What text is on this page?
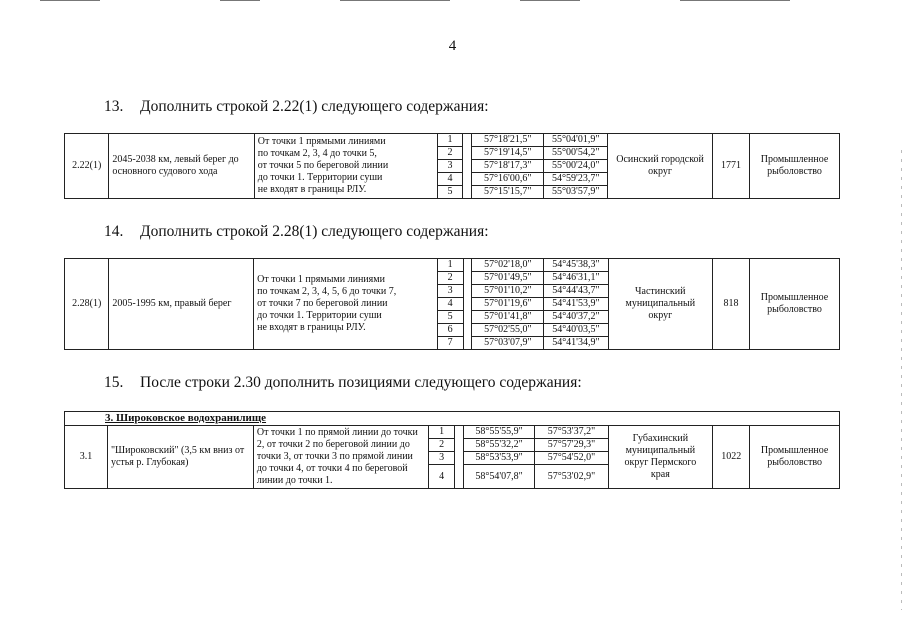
4
13. Дополнить строкой 2.22(1) следующего содержания:
2.22(1)	2045-2038 км, левый берег до основного судового хода	От точки 1 прямыми линиями
по точкам 2, 3, 4 до точки 5,
от точки 5 по береговой линии
до точки 1. Территории суши
не входят в границы РЛУ.	1		57°18'21,5"	55°04'01,9"	Осинский городской округ	1771	Промышленное рыболовство
			2		57°19'14,5"	55°00'54,2"			
			3		57°18'17,3"	55°00'24,0"			
			4		57°16'00,6"	54°59'23,7"			
			5		57°15'15,7"	55°03'57,9"			
14. Дополнить строкой 2.28(1) следующего содержания:
2.28(1)	2005-1995 км, правый берег	От точки 1 прямыми линиями
по точкам 2, 3, 4, 5, 6 до точки 7,
от точки 7 по береговой линии
до точки 1. Территории суши
не входят в границы РЛУ.	1		57°02'18,0"	54°45'38,3"	Частинский муниципальный округ	818	Промышленное рыболовство
			2		57°01'49,5"	54°46'31,1"			
			3		57°01'10,2"	54°44'43,7"			
			4		57°01'19,6"	54°41'53,9"			
			5		57°01'41,8"	54°40'37,2"			
			6		57°02'55,0"	54°40'03,5"			
			7		57°03'07,9"	54°41'34,9"			
15. После строки 2.30 дополнить позициями следующего содержания:
3. Широковское водохранилище									
3.1	"Широковский" (3,5 км вниз от устья р. Глубокая)	От точки 1 по прямой линии до точки
2, от точки 2 по береговой линии до
точки 3, от точки 3 по прямой линии
до точки 4, от точки 4 по береговой
линии до точки 1.	1		58°55'55,9"	57°53'37,2"	Губахинский муниципальный округ Пермского края	1022	Промышленное рыболовство
			2		58°55'32,2"	57°57'29,3"			
			3		58°53'53,9"	57°54'52,0"			
			4		58°54'07,8"	57°53'02,9"			
